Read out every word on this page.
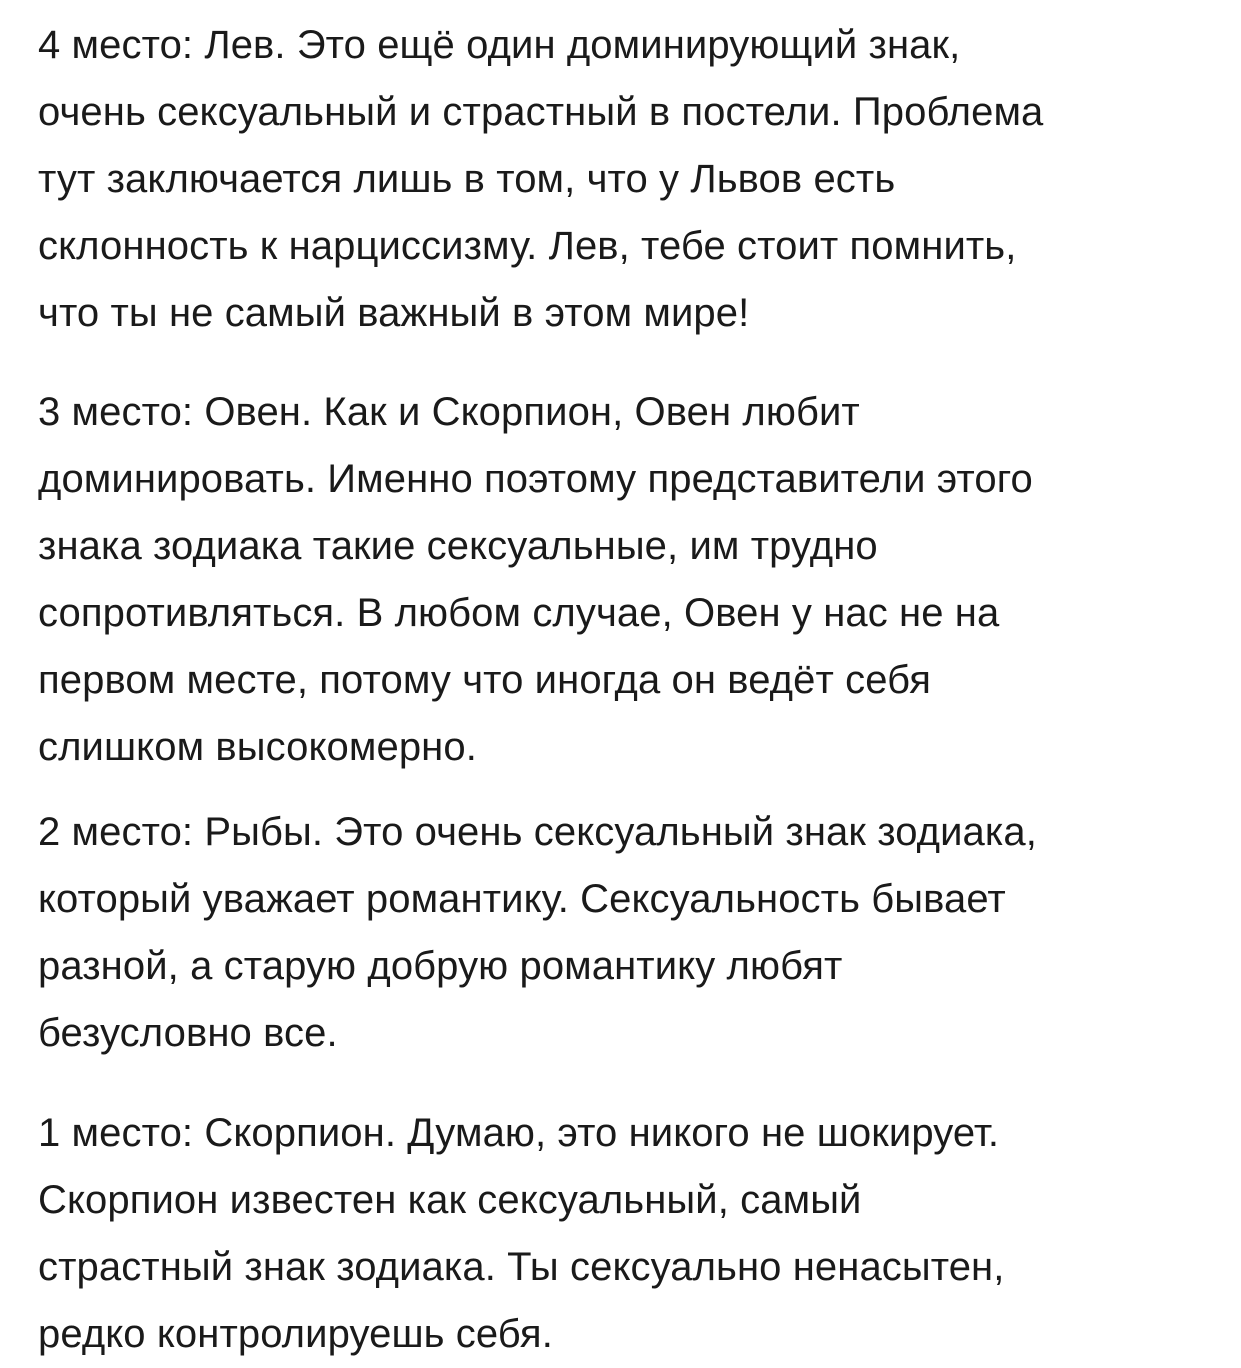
4 место: Лев. Это ещё один доминирующий знак,
очень сексуальный и страстный в постели. Проблема
тут заключается лишь в том, что у Львов есть
склонность к нарциссизму. Лев, тебе стоит помнить,
что ты не самый важный в этом мире!

3 место: Овен. Как и Скорпион, Овен любит
доминировать. Именно поэтому представители этого
знака зодиака такие сексуальные, им трудно
сопротивляться. В любом случае, Овен у нас не на
первом месте, потому что иногда он ведёт себя
слишком высокомерно.

2 место: Рыбы. Это очень сексуальный знак зодиака,
который уважает романтику. Сексуальность бывает
разной, а старую добрую романтику любят
безусловно все.

1 место: Скорпион. Думаю, это никого не шокирует.
Скорпион известен как сексуальный, самый
страстный знак зодиака. Ты сексуально ненасытен,
редко контролируешь себя.
